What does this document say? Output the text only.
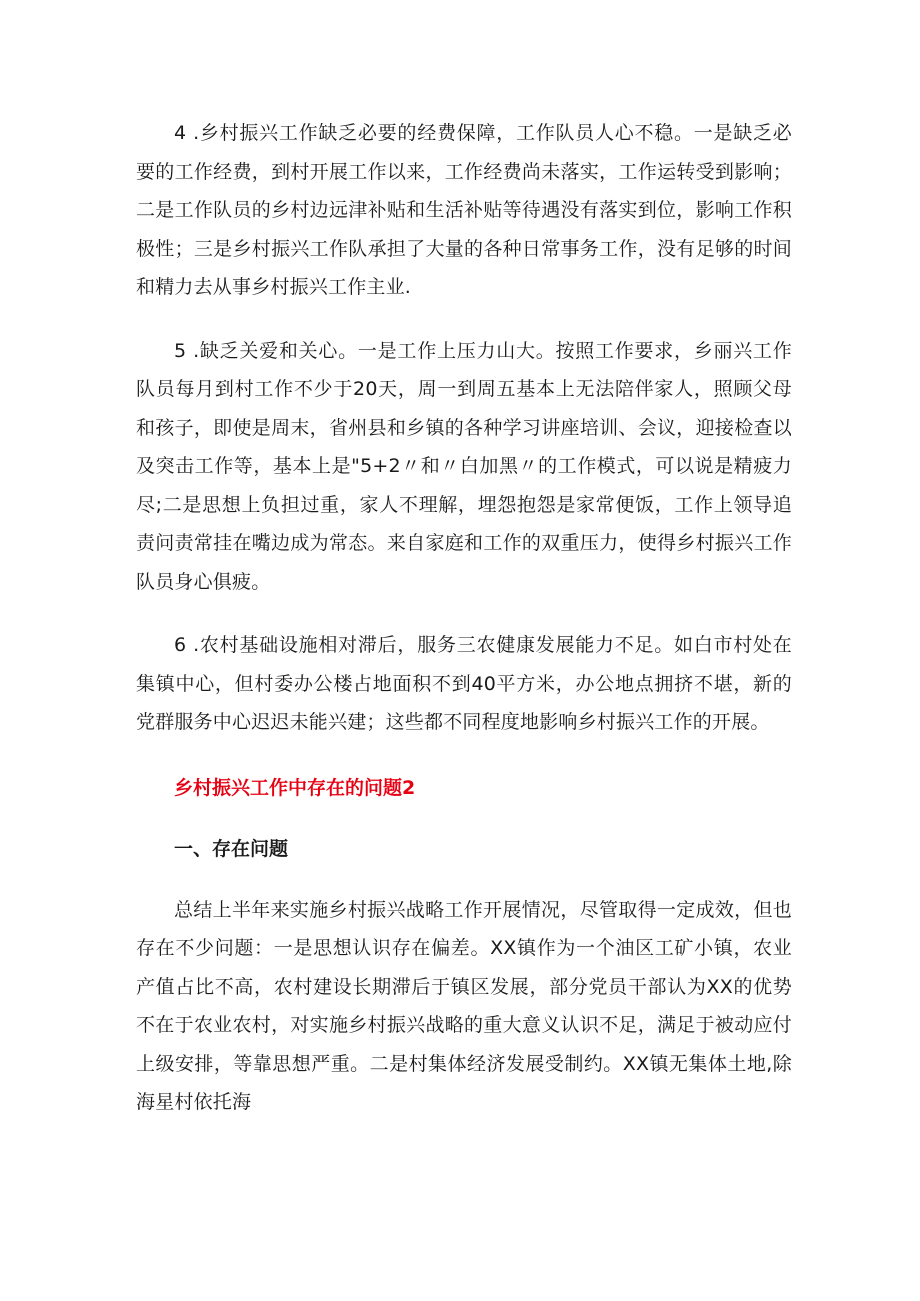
4 .乡村振兴工作缺乏必要的经费保障，工作队员人心不稳。一是缺乏必要的工作经费，到村开展工作以来，工作经费尚未落实，工作运转受到影响；二是工作队员的乡村边远津补贴和生活补贴等待遇没有落实到位，影响工作积极性；三是乡村振兴工作队承担了大量的各种日常事务工作，没有足够的时间和精力去从事乡村振兴工作主业.

5 .缺乏关爱和关心。一是工作上压力山大。按照工作要求，乡丽兴工作队员每月到村工作不少于20天，周一到周五基本上无法陪伴家人，照顾父母和孩子，即使是周末，省州县和乡镇的各种学习讲座培训、会议，迎接检查以及突击工作等，基本上是"5+2〃和〃白加黑〃的工作模式，可以说是精疲力尽;二是思想上负担过重，家人不理解，埋怨抱怨是家常便饭，工作上领导追责问责常挂在嘴边成为常态。来自家庭和工作的双重压力，使得乡村振兴工作队员身心俱疲。

6 .农村基础设施相对滞后，服务三农健康发展能力不足。如白市村处在集镇中心，但村委办公楼占地面积不到40平方米，办公地点拥挤不堪，新的党群服务中心迟迟未能兴建；这些都不同程度地影响乡村振兴工作的开展。

乡村振兴工作中存在的问题2

一、存在问题

总结上半年来实施乡村振兴战略工作开展情况，尽管取得一定成效，但也存在不少问题：一是思想认识存在偏差。XX镇作为一个油区工矿小镇，农业产值占比不高，农村建设长期滞后于镇区发展，部分党员干部认为XX的优势不在于农业农村，对实施乡村振兴战略的重大意义认识不足，满足于被动应付上级安排，等靠思想严重。二是村集体经济发展受制约。XX镇无集体土地,除海星村依托海
